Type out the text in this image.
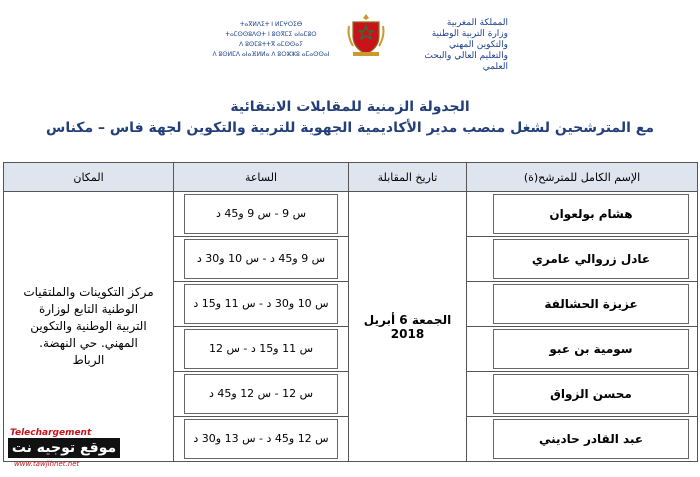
ⵜⴰⴳⵍⴷⵉⵜ ⵏ ⵍⵎⵖⵔⵉⴱ
ⵜⴰⵎⵙⵙⵓⴷⵙⵜ ⵏ ⵓⵙⴳⵎⵉ ⴰⵏⴰⵎⵓⵔ
ⴷ ⵓⵙⵎⵓⵜⵜⴳ ⴰⵎⵙⵙⴰⵢ
ⴷ ⵓⵙⵍⵎⴷ ⴰⵏⴰⴼⵍⵍⴰ ⴷ ⵓⵔⵣⵣⵓ ⴰⵎⴰⵙⵙⴰⵏ
المملكة المغربية
وزارة التربية الوطنية
والتكوين المهني
والتعليم العالي والبحث العلمي
الجدولة الزمنية للمقابلات الانتقائية
مع المترشحين لشغل منصب مدير الأكاديمية الجهوية للتربية والتكوين لجهة فاس – مكناس
الإسم الكامل للمترشح(ة)	تاريخ المقابلة	الساعة	المكان

هشام بولعوان	الجمعة 6 أبريل 2018	س 9 - س 9 و45 د	مركز التكوينات والملتقيات الوطنية التابع لوزارة التربية الوطنية والتكوين المهني. حي النهضة. الرباط

عادل زروالي عامري		س 9 و45 د - س 10 و30 د	

عزيزة الحشالفة		س 10 و30 د - س 11 و15 د	

سومية بن عبو		س 11 و15 د - س 12	

محسن الزواق		س 12 - س 12 و45 د	

عبد القادر حاديني		س 12 و45 د - س 13 و30 د	
Telechargement
موقع توجيه نت
www.tawjihnet.net
